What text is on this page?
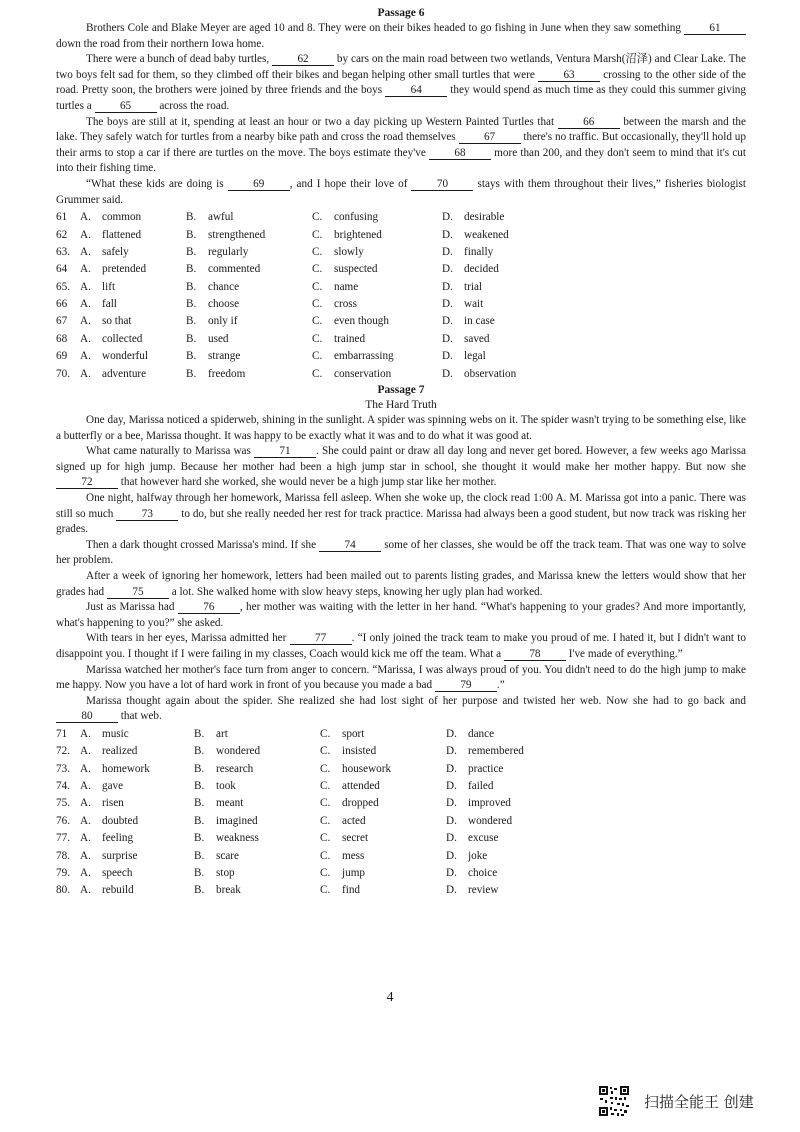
Passage 6

Brothers Cole and Blake Meyer are aged 10 and 8. They were on their bikes headed to go fishing in June when they saw something 61 down the road from their northern Iowa home.

There were a bunch of dead baby turtles, 62 by cars on the main road between two wetlands, Ventura Marsh(沼泽) and Clear Lake. The two boys felt sad for them, so they climbed off their bikes and began helping other small turtles that were 63 crossing to the other side of the road. Pretty soon, the brothers were joined by three friends and the boys 64 they would spend as much time as they could this summer giving turtles a 65 across the road.

The boys are still at it, spending at least an hour or two a day picking up Western Painted Turtles that 66 between the marsh and the lake. They safely watch for turtles from a nearby bike path and cross the road themselves 67 there's no traffic. But occasionally, they'll hold up their arms to stop a car if there are turtles on the move. The boys estimate they've 68 more than 200, and they don't seem to mind that it's cut into their fishing time.

“What these kids are doing is 69 , and I hope their love of 70 stays with them throughout their lives,” fisheries biologist Grummer said.

61	A. common	B.	awful	C.	confusing	D. desirable
62	A. flattened	B.	strengthened	C.	brightened	D. weakened
63. A. safely	B.	regularly	C.	slowly	D. finally
64	A. pretended	B.	commented	C.	suspected	D. decided
65. A. lift	B.	chance	C.	name	D. trial
66	A. fall	B.	choose	C.	cross	D. wait
67	A. so that	B.	only if	C.	even though	D. in case
68	A. collected	B.	used	C.	trained	D. saved
69	A. wonderful	B.	strange	C.	embarrassing	D. legal
70. A. adventure	B.	freedom	C.	conservation	D. observation
Passage 7
The Hard Truth

One day, Marissa noticed a spiderweb, shining in the sunlight. A spider was spinning webs on it. The spider wasn't trying to be something else, like a butterfly or a bee, Marissa thought. It was happy to be exactly what it was and to do what it was good at.

What came naturally to Marissa was 71 . She could paint or draw all day long and never get bored. However, a few weeks ago Marissa signed up for high jump. Because her mother had been a high jump star in school, she thought it would make her mother happy. But now she 72 that however hard she worked, she would never be a high jump star like her mother.

One night, halfway through her homework, Marissa fell asleep. When she woke up, the clock read 1:00 A. M. Marissa got into a panic. There was still so much 73 to do, but she really needed her rest for track practice. Marissa had always been a good student, but now track was risking her grades.

Then a dark thought crossed Marissa's mind. If she 74 some of her classes, she would be off the track team. That was one way to solve her problem.

After a week of ignoring her homework, letters had been mailed out to parents listing grades, and Marissa knew the letters would show that her grades had 75 a lot. She walked home with slow heavy steps, knowing her ugly plan had worked.

Just as Marissa had 76 , her mother was waiting with the letter in her hand. “What's happening to your grades? And more importantly, what's happening to you?” she asked.

With tears in her eyes, Marissa admitted her 77 . “I only joined the track team to make you proud of me. I hated it, but I didn't want to disappoint you. I thought if I were failing in my classes, Coach would kick me off the team. What a 78 I've made of everything.”

Marissa watched her mother's face turn from anger to concern. “Marissa, I was always proud of you. You didn't need to do the high jump to make me happy. Now you have a lot of hard work in front of you because you made a bad 79 .”

Marissa thought again about the spider. She realized she had lost sight of her purpose and twisted her web. Now she had to go back and 80 that web.

71	A. music	B.	art	C.	sport	D. dance
72. A. realized	B.	wondered	C.	insisted	D. remembered
73. A. homework	B.	research	C.	housework	D. practice
74. A. gave	B.	took	C.	attended	D. failed
75. A. risen	B.	meant	C.	dropped	D. improved
76. A. doubted	B.	imagined	C.	acted	D. wondered
77. A. feeling	B.	weakness	C.	secret	D. excuse
78. A. surprise	B.	scare	C.	mess	D. joke
79. A. speech	B.	stop	C.	jump	D. choice
80. A. rebuild	B.	break	C.	find	D. review
4
扫描全能王 创建
